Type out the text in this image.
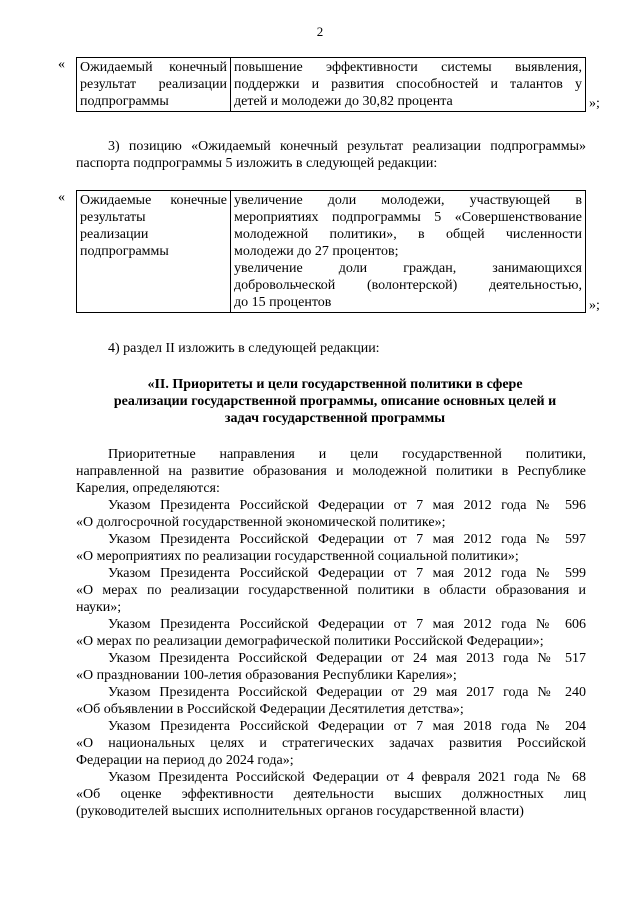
2
« Ожидаемый конечный
результат реализации
подпрограммы

повышение эффективности системы выявления,
поддержки и развития способностей и талантов у
детей и молодежи до 30,82 процента	»;
3) позицию «Ожидаемый конечный результат реализации подпрограммы»
паспорта подпрограммы 5 изложить в следующей редакции:
« Ожидаемые конечные
результаты
реализации
подпрограммы

увеличение доли молодежи, участвующей в
мероприятиях подпрограммы 5 «Совершенствование
молодежной политики», в общей численности
молодежи до 27 процентов;
увеличение доли граждан, занимающихся
добровольческой (волонтерской) деятельностью,
до 15 процентов	»;
4) раздел II изложить в следующей редакции:
«II. Приоритеты и цели государственной политики в сфере
реализации государственной программы, описание основных целей и
задач государственной программы
Приоритетные направления и цели государственной политики,
направленной на развитие образования и молодежной политики в Республике
Карелия, определяются:
Указом Президента Российской Федерации от 7 мая 2012 года № 596
«О долгосрочной государственной экономической политике»;
Указом Президента Российской Федерации от 7 мая 2012 года № 597
«О мероприятиях по реализации государственной социальной политики»;
Указом Президента Российской Федерации от 7 мая 2012 года № 599
«О мерах по реализации государственной политики в области образования и
науки»;
Указом Президента Российской Федерации от 7 мая 2012 года № 606
«О мерах по реализации демографической политики Российской Федерации»;
Указом Президента Российской Федерации от 24 мая 2013 года № 517
«О праздновании 100-летия образования Республики Карелия»;
Указом Президента Российской Федерации от 29 мая 2017 года № 240
«Об объявлении в Российской Федерации Десятилетия детства»;
Указом Президента Российской Федерации от 7 мая 2018 года № 204
«О национальных целях и стратегических задачах развития Российской
Федерации на период до 2024 года»;
Указом Президента Российской Федерации от 4 февраля 2021 года № 68
«Об оценке эффективности деятельности высших должностных лиц
(руководителей высших исполнительных органов государственной власти)
